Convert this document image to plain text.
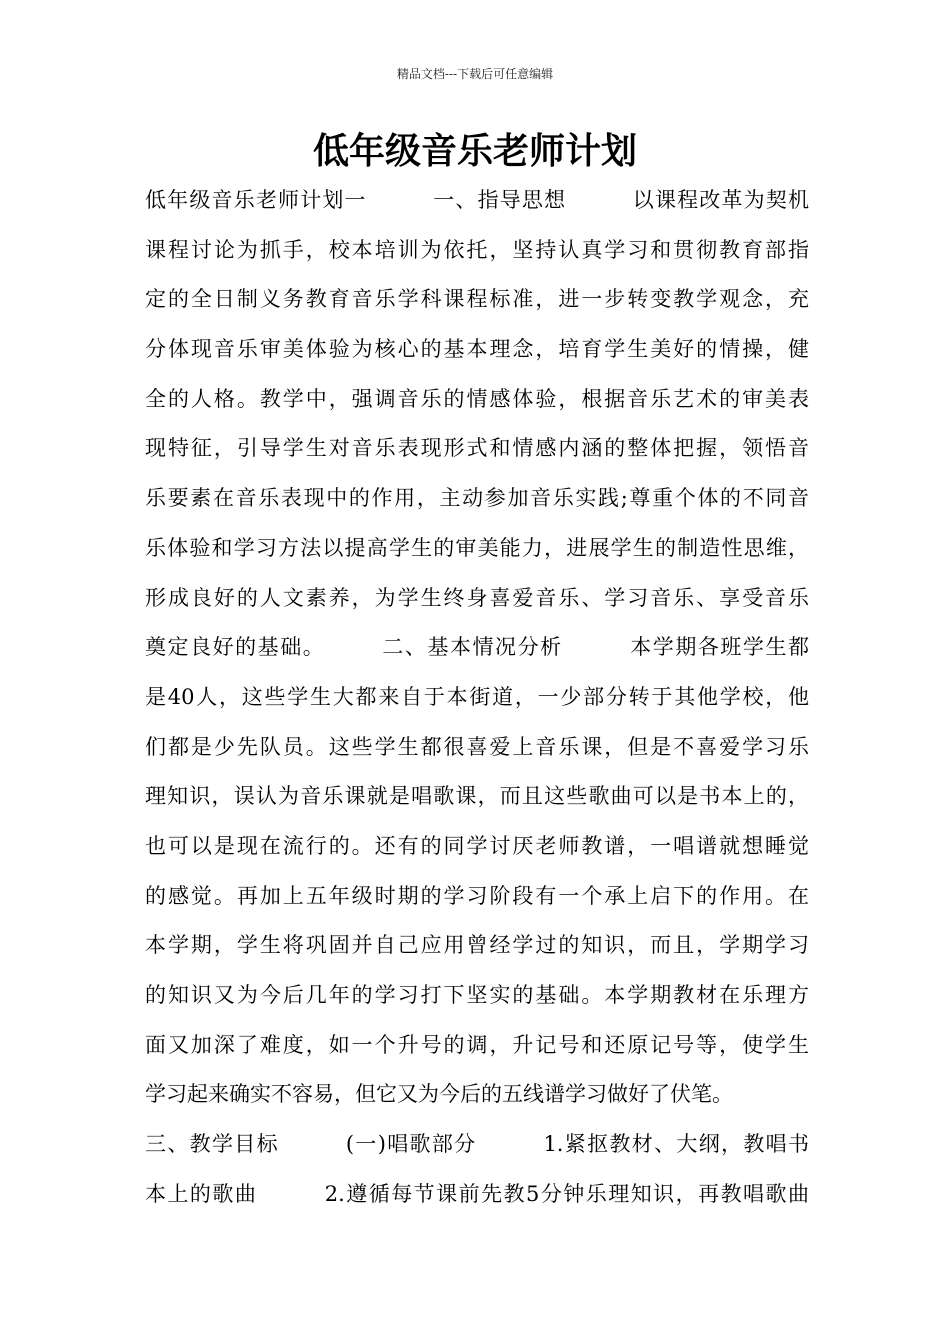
精品文档---下载后可任意编辑
低年级音乐老师计划
低年级音乐老师计划一　　　一、指导思想　　　以课程改革为契机
课程讨论为抓手，校本培训为依托，坚持认真学习和贯彻教育部指
定的全日制义务教育音乐学科课程标准，进一步转变教学观念，充
分体现音乐审美体验为核心的基本理念，培育学生美好的情操，健
全的人格。教学中，强调音乐的情感体验，根据音乐艺术的审美表
现特征，引导学生对音乐表现形式和情感内涵的整体把握，领悟音
乐要素在音乐表现中的作用，主动参加音乐实践;尊重个体的不同音
乐体验和学习方法以提高学生的审美能力，进展学生的制造性思维，
形成良好的人文素养，为学生终身喜爱音乐、学习音乐、享受音乐
奠定良好的基础。　　　二、基本情况分析　　　本学期各班学生都
是40人，这些学生大都来自于本街道，一少部分转于其他学校，他
们都是少先队员。这些学生都很喜爱上音乐课，但是不喜爱学习乐
理知识，误认为音乐课就是唱歌课，而且这些歌曲可以是书本上的，
也可以是现在流行的。还有的同学讨厌老师教谱，一唱谱就想睡觉
的感觉。再加上五年级时期的学习阶段有一个承上启下的作用。在
本学期，学生将巩固并自己应用曾经学过的知识，而且，学期学习
的知识又为今后几年的学习打下坚实的基础。本学期教材在乐理方
面又加深了难度，如一个升号的调，升记号和还原记号等，使学生
学习起来确实不容易，但它又为今后的五线谱学习做好了伏笔。
三、教学目标　　　(一)唱歌部分　　　1.紧抠教材、大纲，教唱书
本上的歌曲　　　2.遵循每节课前先教5分钟乐理知识，再教唱歌曲
